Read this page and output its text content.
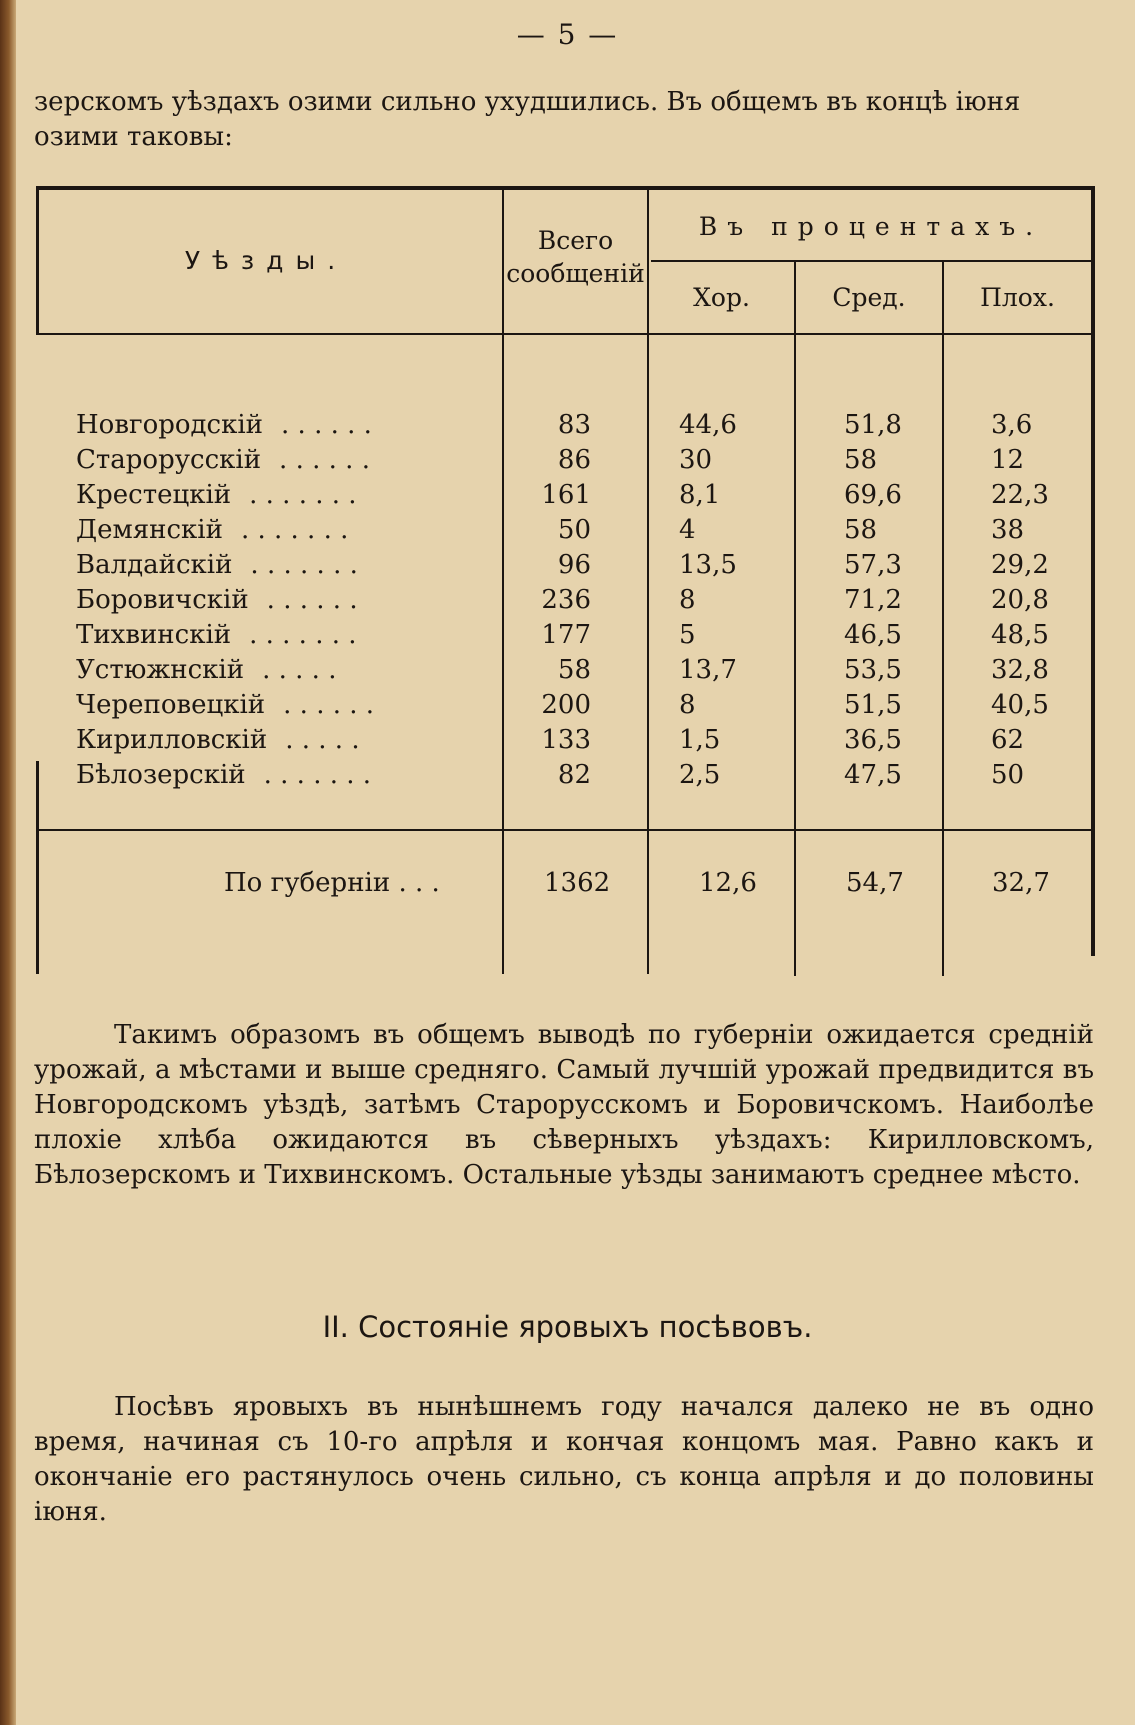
— 5 —
зерскомъ уѣздахъ озими сильно ухудшились. Въ общемъ въ концѣ іюня
озими таковы:
Уѣзды.
Всего
сообщеній
Въ процентахъ.
Хор.	Сред.	Плох.
Новгородскій . . . . . .	83	44,6	51,8	3,6
Старорусскій . . . . . .	86	30	58	12
Крестецкій . . . . . . .	161	8,1	69,6	22,3
Демянскій . . . . . . .	50	4	58	38
Валдайскій . . . . . . .	96	13,5	57,3	29,2
Боровичскій . . . . . .	236	8	71,2	20,8
Тихвинскій . . . . . . .	177	5	46,5	48,5
Устюжнскій . . . . .	58	13,7	53,5	32,8
Череповецкій . . . . . .	200	8	51,5	40,5
Кирилловскій . . . . .	133	1,5	36,5	62
Бѣлозерскій . . . . . . .	82	2,5	47,5	50
По губерніи . . .	1362	12,6	54,7	32,7
Такимъ образомъ въ общемъ выводѣ по губерніи ожидается средній урожай, а мѣстами и выше средняго. Самый лучшій урожай предвидится въ Новгородскомъ уѣздѣ, затѣмъ Старорусскомъ и Боровичскомъ. Наиболѣе плохіе хлѣба ожидаются въ сѣверныхъ уѣздахъ: Кирилловскомъ, Бѣлозерскомъ и Тихвинскомъ. Остальные уѣзды занимаютъ среднее мѣсто.
II. Состояніе яровыхъ посѣвовъ.
Посѣвъ яровыхъ въ нынѣшнемъ году начался далеко не въ одно время, начиная съ 10-го апрѣля и кончая концомъ мая. Равно какъ и окончаніе его растянулось очень сильно, съ конца апрѣля и до половины іюня.
